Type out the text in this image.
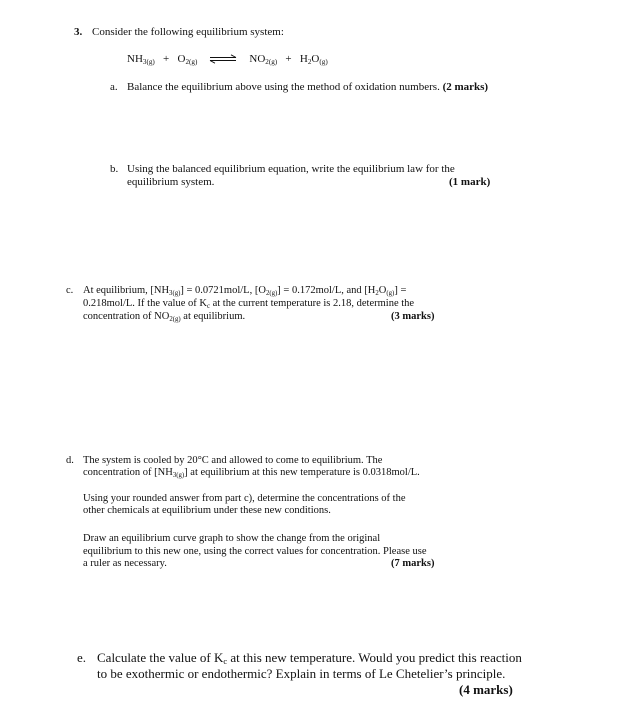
3. Consider the following equilibrium system:
$NH_{3(g)} + O_{2(g)}$ ⇌ $NO_{2(g)} + H_2O_{(g)}$
a. Balance the equilibrium above using the method of oxidation numbers. (2 marks)
b. Using the balanced equilibrium equation, write the equilibrium law for the
equilibrium system.	(1 mark)
c. At equilibrium, $[NH_{3(g)}] = 0.0721mol/L$, $[O_{2(g)}] = 0.172mol/L$, and $[H_2O_{(g)}]$ =
0.218mol/L. If the value of $K_c$ at the current temperature is 2.18, determine the
concentration of $NO_{2(g)}$ at equilibrium.	(3 marks)
d. The system is cooled by 20°C and allowed to come to equilibrium. The
concentration of $[NH_{3(g)}]$ at equilibrium at this new temperature is 0.0318mol/L.
Using your rounded answer from part c), determine the concentrations of the
other chemicals at equilibrium under these new conditions.
Draw an equilibrium curve graph to show the change from the original
equilibrium to this new one, using the correct values for concentration. Please use
a ruler as necessary.	(7 marks)
e. Calculate the value of $K_c$ at this new temperature. Would you predict this reaction
to be exothermic or endothermic? Explain in terms of Le Chetelier’s principle.
(4 marks)
